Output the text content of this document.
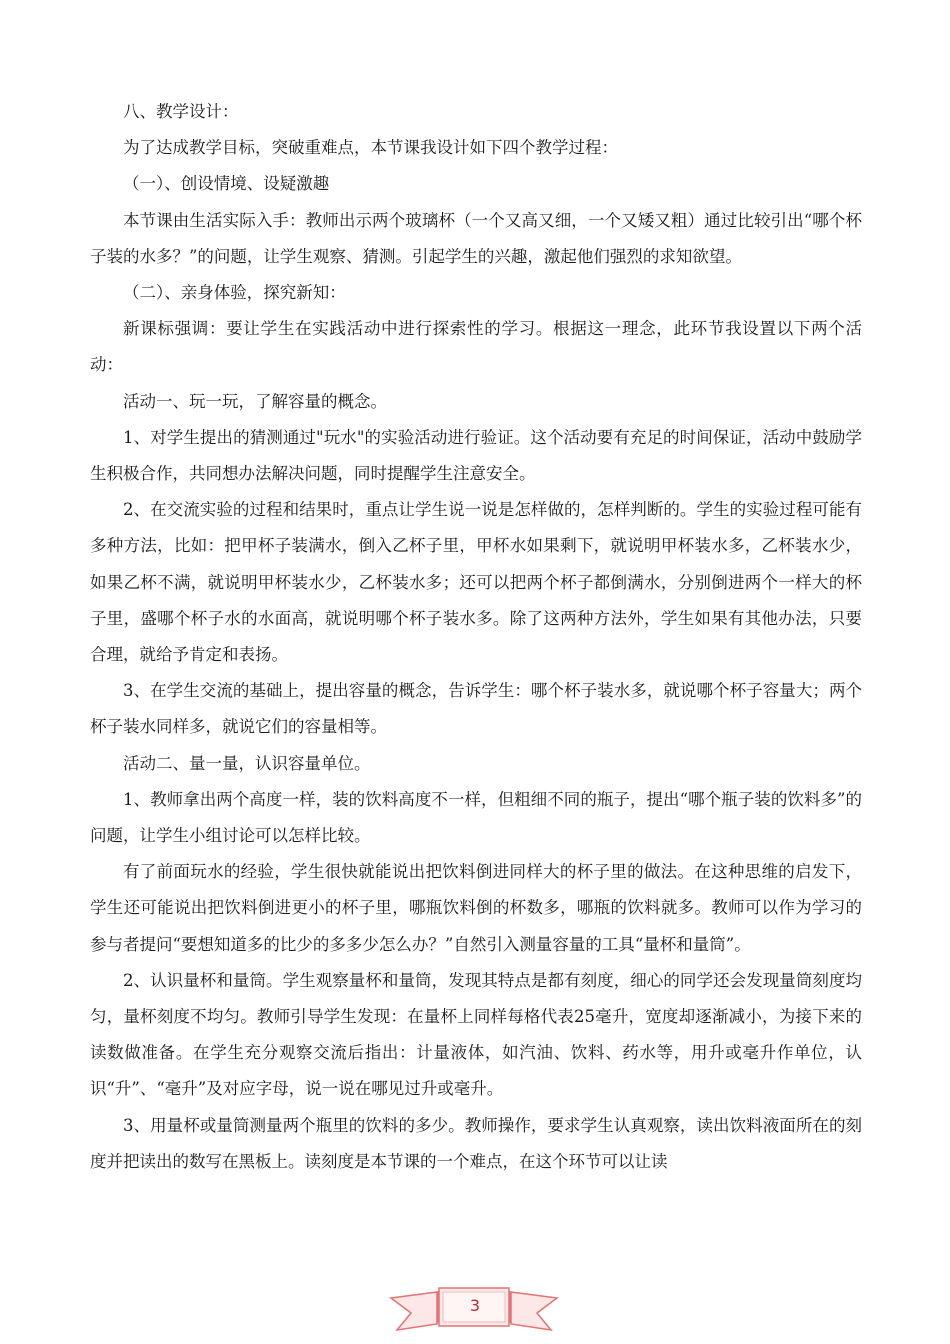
八、教学设计：

为了达成教学目标，突破重难点，本节课我设计如下四个教学过程：

（一）、创设情境、设疑激趣

本节课由生活实际入手：教师出示两个玻璃杯（一个又高又细，一个又矮又粗）通过比较引出“哪个杯子装的水多？”的问题，让学生观察、猜测。引起学生的兴趣，激起他们强烈的求知欲望。

（二）、亲身体验，探究新知：

新课标强调：要让学生在实践活动中进行探索性的学习。根据这一理念，此环节我设置以下两个活动：

活动一、玩一玩，了解容量的概念。

1、对学生提出的猜测通过"玩水"的实验活动进行验证。这个活动要有充足的时间保证，活动中鼓励学生积极合作，共同想办法解决问题，同时提醒学生注意安全。

2、在交流实验的过程和结果时，重点让学生说一说是怎样做的，怎样判断的。学生的实验过程可能有多种方法，比如：把甲杯子装满水，倒入乙杯子里，甲杯水如果剩下，就说明甲杯装水多，乙杯装水少，如果乙杯不满，就说明甲杯装水少，乙杯装水多；还可以把两个杯子都倒满水，分别倒进两个一样大的杯子里，盛哪个杯子水的水面高，就说明哪个杯子装水多。除了这两种方法外，学生如果有其他办法，只要合理，就给予肯定和表扬。

3、在学生交流的基础上，提出容量的概念，告诉学生：哪个杯子装水多，就说哪个杯子容量大；两个杯子装水同样多，就说它们的容量相等。

活动二、量一量，认识容量单位。

1、教师拿出两个高度一样，装的饮料高度不一样，但粗细不同的瓶子，提出“哪个瓶子装的饮料多”的问题，让学生小组讨论可以怎样比较。

有了前面玩水的经验，学生很快就能说出把饮料倒进同样大的杯子里的做法。在这种思维的启发下，学生还可能说出把饮料倒进更小的杯子里，哪瓶饮料倒的杯数多，哪瓶的饮料就多。教师可以作为学习的参与者提问“要想知道多的比少的多多少怎么办？”自然引入测量容量的工具“量杯和量筒”。

2、认识量杯和量筒。学生观察量杯和量筒，发现其特点是都有刻度，细心的同学还会发现量筒刻度均匀，量杯刻度不均匀。教师引导学生发现：在量杯上同样每格代表25毫升，宽度却逐渐减小，为接下来的读数做准备。在学生充分观察交流后指出：计量液体，如汽油、饮料、药水等，用升或毫升作单位，认识“升”、“毫升”及对应字母，说一说在哪见过升或毫升。

3、用量杯或量筒测量两个瓶里的饮料的多少。教师操作，要求学生认真观察，读出饮料液面所在的刻度并把读出的数写在黑板上。读刻度是本节课的一个难点，在这个环节可以让读

3
